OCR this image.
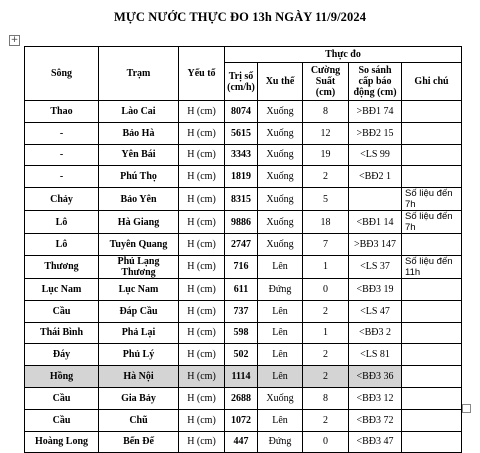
MỰC NƯỚC THỰC ĐO 13h NGÀY 11/9/2024
+
Sông	Trạm	Yếu tố	Thực đo				
			Trị số (cm/h)	Xu thế	Cường Suất (cm)	So sánh cấp báo động (cm)	Ghi chú
Thao	Lào Cai	H (cm)	8074	Xuống	8	>BĐ1 74	
-	Bảo Hà	H (cm)	5615	Xuống	12	>BĐ2 15	
-	Yên Bái	H (cm)	3343	Xuống	19	<LS 99	
-	Phú Thọ	H (cm)	1819	Xuống	2	<BĐ2 1	
Chảy	Bảo Yên	H (cm)	8315	Xuống	5		Số liệu đến 7h
Lô	Hà Giang	H (cm)	9886	Xuống	18	<BĐ1 14	Số liệu đến 7h
Lô	Tuyên Quang	H (cm)	2747	Xuống	7	>BĐ3 147	
Thương	Phủ Lạng Thương	H (cm)	716	Lên	1	<LS 37	Số liệu đến 11h
Lục Nam	Lục Nam	H (cm)	611	Đứng	0	<BĐ3 19	
Cầu	Đáp Cầu	H (cm)	737	Lên	2	<LS 47	
Thái Bình	Phả Lại	H (cm)	598	Lên	1	<BĐ3 2	
Đáy	Phủ Lý	H (cm)	502	Lên	2	<LS 81	
Hồng	Hà Nội	H (cm)	1114	Lên	2	<BĐ3 36	
Cầu	Gia Bảy	H (cm)	2688	Xuống	8	<BĐ3 12	
Cầu	Chũ	H (cm)	1072	Lên	2	<BĐ3 72	
Hoàng Long	Bến Đế	H (cm)	447	Đứng	0	<BĐ3 47	
